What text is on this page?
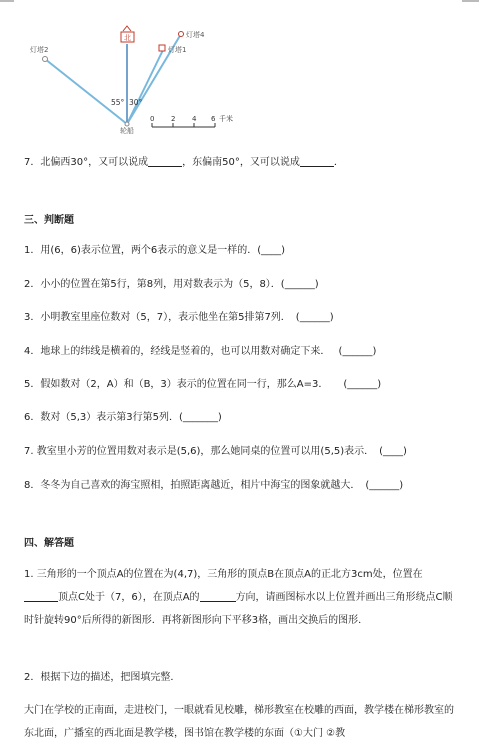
北
灯塔2	灯塔1
灯塔4
55° 30°
轮船
0 2 4 6 千米
7．北偏西30°，又可以说成	，东偏南50°，又可以说成	．
三、判断题
1．用(6，6)表示位置，两个6表示的意义是一样的．(____)
2．小小的位置在第5行，第8列，用对数表示为（5，8）．(______)
3．小明教室里座位数对（5，7），表示他坐在第5排第7列．　(______)
4．地球上的纬线是横着的，经线是竖着的，也可以用数对确定下来．　 (______)
5．假如数对（2，A）和（B，3）表示的位置在同一行，那么A=3．　　(______)
6．数对（5,3）表示第3行第5列．(_______)
7. 教室里小芳的位置用数对表示是(5,6)，那么她同桌的位置可以用(5,5)表示．　(____)
8．冬冬为自己喜欢的海宝照相，拍照距离越近，相片中海宝的图象就越大．　(______)
四、解答题
1. 三角形的一个顶点A的位置在为(4,7)，三角形的顶点B在顶点A的正北方3cm处，位置在顶点C处于（7，6），在顶点A的	方向，请画图标水以上位置并画出三角形绕点C顺时针旋转90°后所得的新图形．再将新图形向下平移3格，画出交换后的图形．
2．根据下边的描述，把图填完整．
大门在学校的正南面，走进校门，一眼就看见校雕，梯形教室在校雕的西面，教学楼在梯形教室的东北面，广播室的西北面是教学楼，图书馆在教学楼的东面（①大门 ②教
